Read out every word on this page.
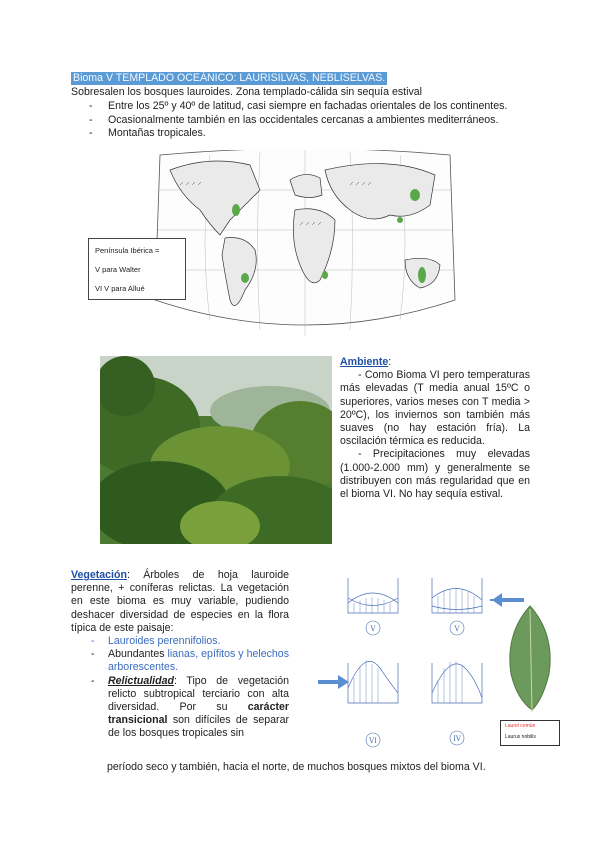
Bioma V TEMPLADO OCEÁNICO: LAURISILVAS, NEBLISELVAS.
Sobresalen los bosques lauroides. Zona templado-cálida sin sequía estival
- Entre los 25º y 40º de latitud, casi siempre en fachadas orientales de los continentes.
- Ocasionalmente también en las occidentales cercanas a ambientes mediterráneos.
- Montañas tropicales.
Península Ibérica =
V para Walter
VI V para Allué
Ambiente:

- Como Bioma VI pero temperaturas más elevadas (T media anual 15ºC o superiores, varios meses con T media > 20ºC), los inviernos son también más suaves (no hay estación fría). La oscilación térmica es reducida.

- Precipitaciones muy elevadas (1.000-2.000 mm) y generalmente se distribuyen con más regularidad que en el bioma VI. No hay sequía estival.

Vegetación: Árboles de hoja lauroide perenne, + coníferas relictas. La vegetación en este bioma es muy variable, pudiendo deshacer diversidad de especies en la flora típica de este paisaje:
- Lauroides perennifolios.
- Abundantes lianas, epífitos y helechos arborescentes.
- Relictualidad: Tipo de vegetación relicto subtropical terciario con alta diversidad. Por su carácter transicional son difíciles de separar de los bosques tropicales sin
período seco y también, hacia el norte, de muchos bosques mixtos del bioma VI.
V	V
VI	IV
Laurel común
Laurus nobilis
